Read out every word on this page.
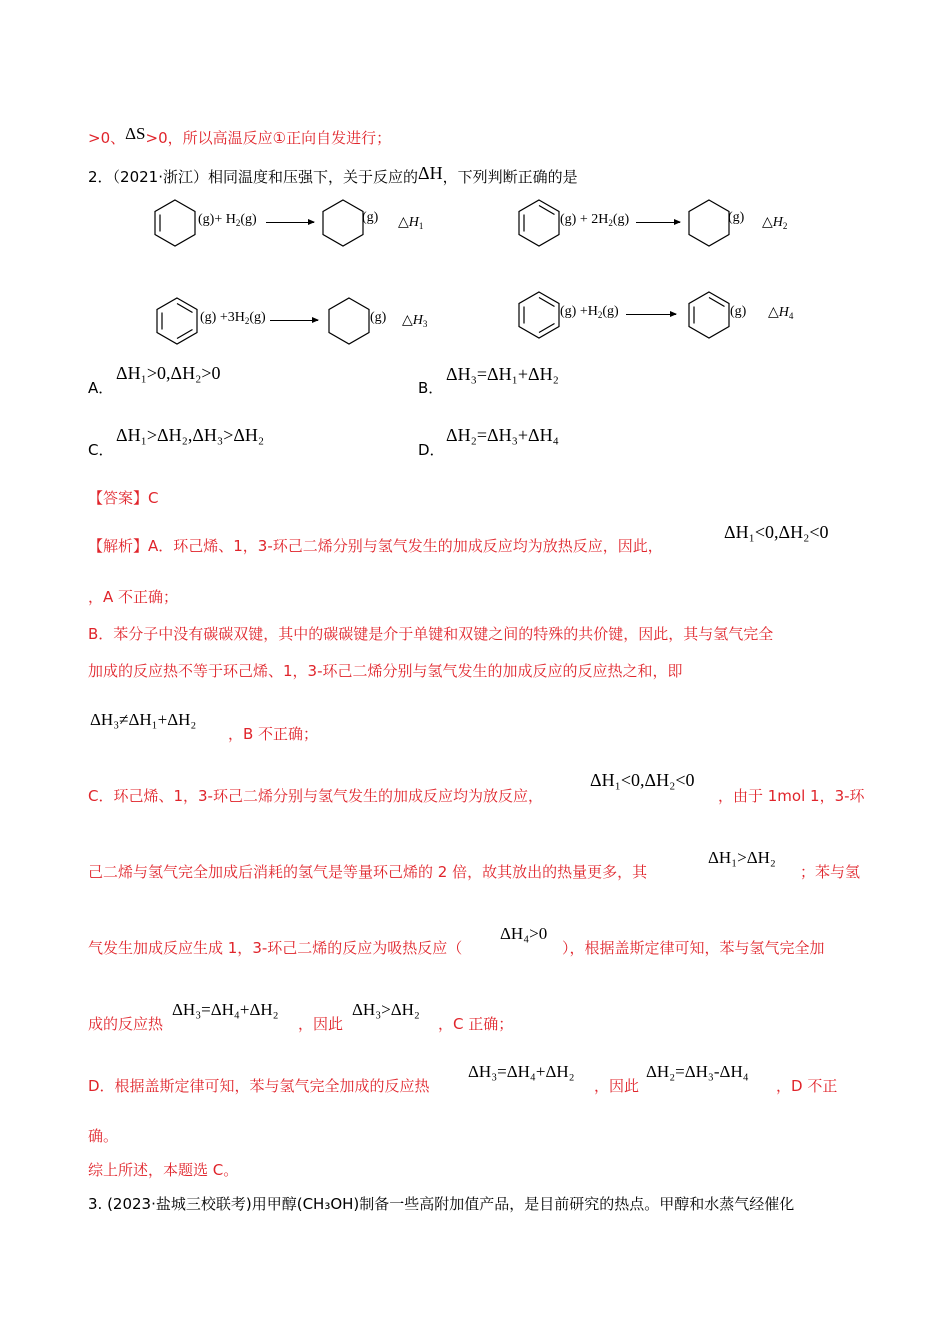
>0、ΔS>0，所以高温反应①正向自发进行；
2．（2021·浙江）相同温度和压强下，关于反应的ΔH，下列判断正确的是
$(g)+ H_2(g)$ →	(g) $\triangle H_1$	$(g) + 2H_2(g)$ →	(g) $\triangle H_2$
$(g) +3H_2(g)$ →	(g) $\triangle H_3$
$(g) +H_2(g)$ →	(g) $\triangle H_4$
A．
ΔH₁>0,ΔH₂>0
B．
ΔH₃=ΔH₁+ΔH₂
C．
ΔH₁>ΔH₂,ΔH₃>ΔH₂
D．
ΔH₂=ΔH₃+ΔH₄
【答案】C
【解析】A．环己烯、1，3-环己二烯分别与氢气发生的加成反应均为放热反应，因此，
ΔH₁<0,ΔH₂<0
，A 不正确；
B．苯分子中没有碳碳双键，其中的碳碳键是介于单键和双键之间的特殊的共价键，因此，其与氢气完全
加成的反应热不等于环己烯、1，3-环己二烯分别与氢气发生的加成反应的反应热之和，即
ΔH₃≠ΔH₁+ΔH₂
，B 不正确；
C．环己烯、1，3-环己二烯分别与氢气发生的加成反应均为放反应，
ΔH₁<0,ΔH₂<0
，由于 1mol 1，3-环
己二烯与氢气完全加成后消耗的氢气是等量环己烯的 2 倍，故其放出的热量更多，其
ΔH₁>ΔH₂
；苯与氢
气发生加成反应生成 1，3-环己二烯的反应为吸热反应（
ΔH₄>0
），根据盖斯定律可知，苯与氢气完全加
成的反应热
ΔH₃=ΔH₄+ΔH₂
，因此
ΔH₃>ΔH₂
，C 正确；
D．根据盖斯定律可知，苯与氢气完全加成的反应热
ΔH₃=ΔH₄+ΔH₂
，因此
ΔH₂=ΔH₃-ΔH₄
，D 不正
确。
综上所述，本题选 C。
3. (2023·盐城三校联考)用甲醇(CH₃OH)制备一些高附加值产品，是目前研究的热点。甲醇和水蒸气经催化
